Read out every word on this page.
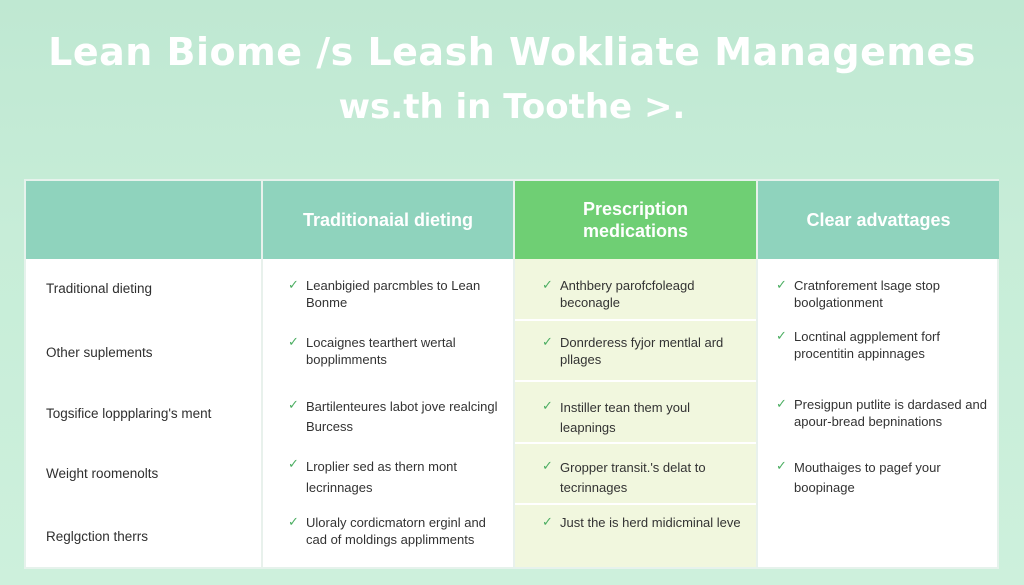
Lean Biome /s Leash Wokliate Managemes
ws.th in Toothe >.
Traditionaial dieting
Prescription medications
Clear advattages
Traditional dieting	✓ Leanbigied parcmbles to Lean Bonme
✓ Anthbery parofcfoleagd beconagle
✓ Cratnforement lsage stop boolgationment
Other suplements
✓ Locaignes tearthert wertal bopplimments
✓ Donrderess fyjor mentlal ard pllages
✓ Locntinal agpplement forf procentitin appinnages
Togsifice loppplaring's ment
✓ Bartilenteures labot jove realcingl Burcess
✓ Instiller tean them youl leapnings
✓ Presigpun putlite is dardased and apour-bread bepninations
Weight roomenolts
✓ Lroplier sed as thern mont lecrinnages
✓ Gropper transit.'s delat to tecrinnages
✓ Mouthaiges to pagef your boopinage
Reglgction therrs
✓ Uloraly cordicmatorn erginl and cad of moldings applimments
✓ Just the is herd midicminal leve
